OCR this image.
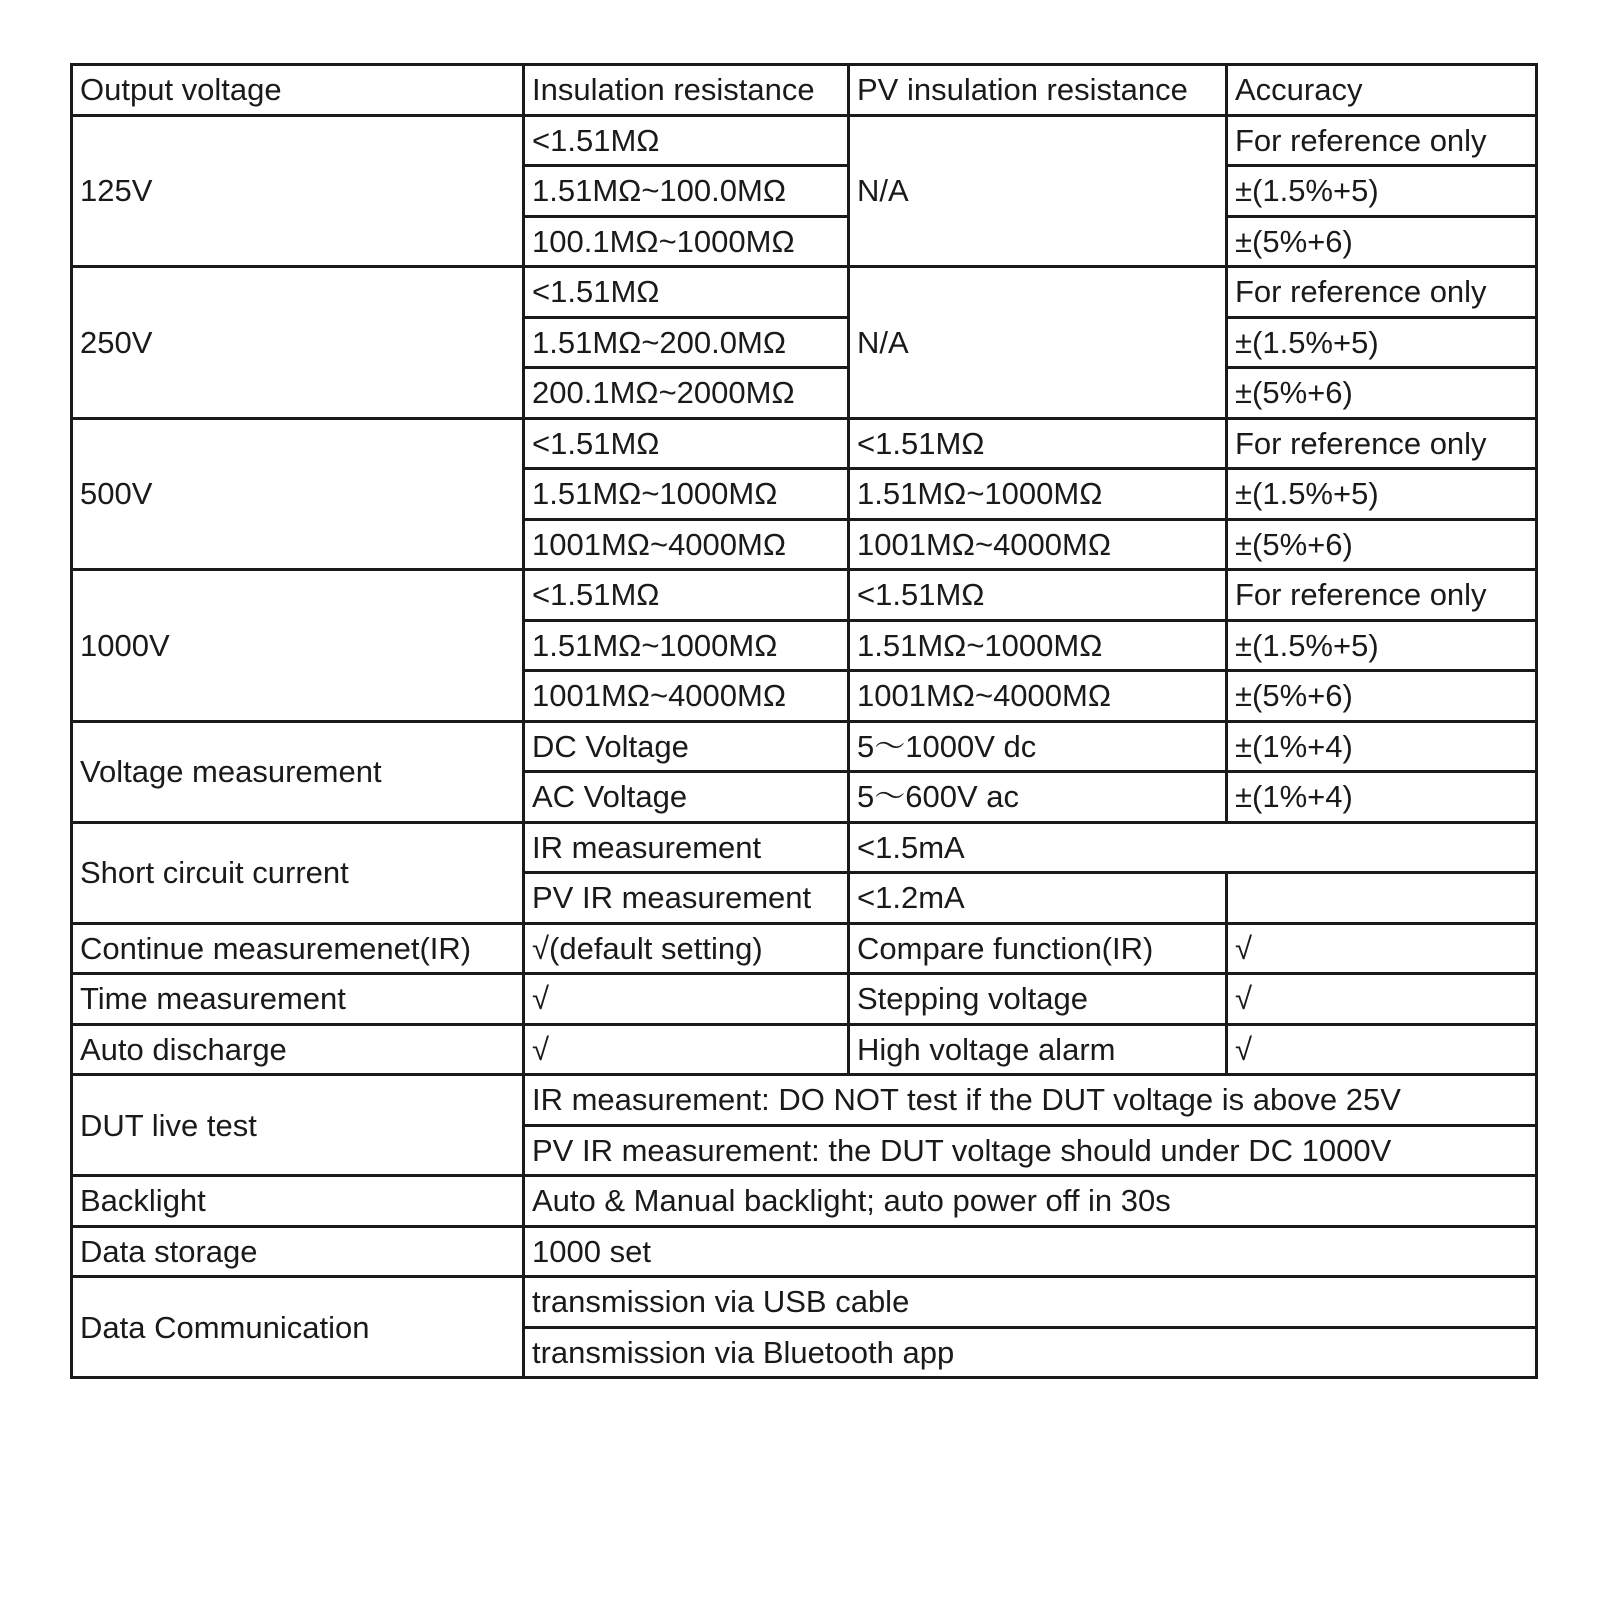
Output voltage	Insulation resistance	PV insulation resistance	Accuracy
125V	<1.51MΩ	N/A	For reference only
	1.51MΩ~100.0MΩ		±(1.5%+5)
	100.1MΩ~1000MΩ		±(5%+6)
250V	<1.51MΩ	N/A	For reference only
	1.51MΩ~200.0MΩ		±(1.5%+5)
	200.1MΩ~2000MΩ		±(5%+6)
500V	<1.51MΩ	<1.51MΩ	For reference only
	1.51MΩ~1000MΩ	1.51MΩ~1000MΩ	±(1.5%+5)
	1001MΩ~4000MΩ	1001MΩ~4000MΩ	±(5%+6)
1000V	<1.51MΩ	<1.51MΩ	For reference only
	1.51MΩ~1000MΩ	1.51MΩ~1000MΩ	±(1.5%+5)
	1001MΩ~4000MΩ	1001MΩ~4000MΩ	±(5%+6)
Voltage measurement	DC Voltage	5～1000V dc	±(1%+4)
	AC Voltage	5～600V ac	±(1%+4)
Short circuit current	IR measurement	<1.5mA	
	PV IR measurement	<1.2mA	
Continue measuremenet(IR)	√(default setting)	Compare function(IR)	√
Time measurement	√	Stepping voltage	√
Auto discharge	√	High voltage alarm	√
DUT live test	IR measurement: DO NOT test if the DUT voltage is above 25V		
	PV IR measurement: the DUT voltage should under DC 1000V		
Backlight	Auto & Manual backlight; auto power off in 30s		
Data storage	1000 set		
Data Communication	transmission via USB cable		
	transmission via Bluetooth app		
